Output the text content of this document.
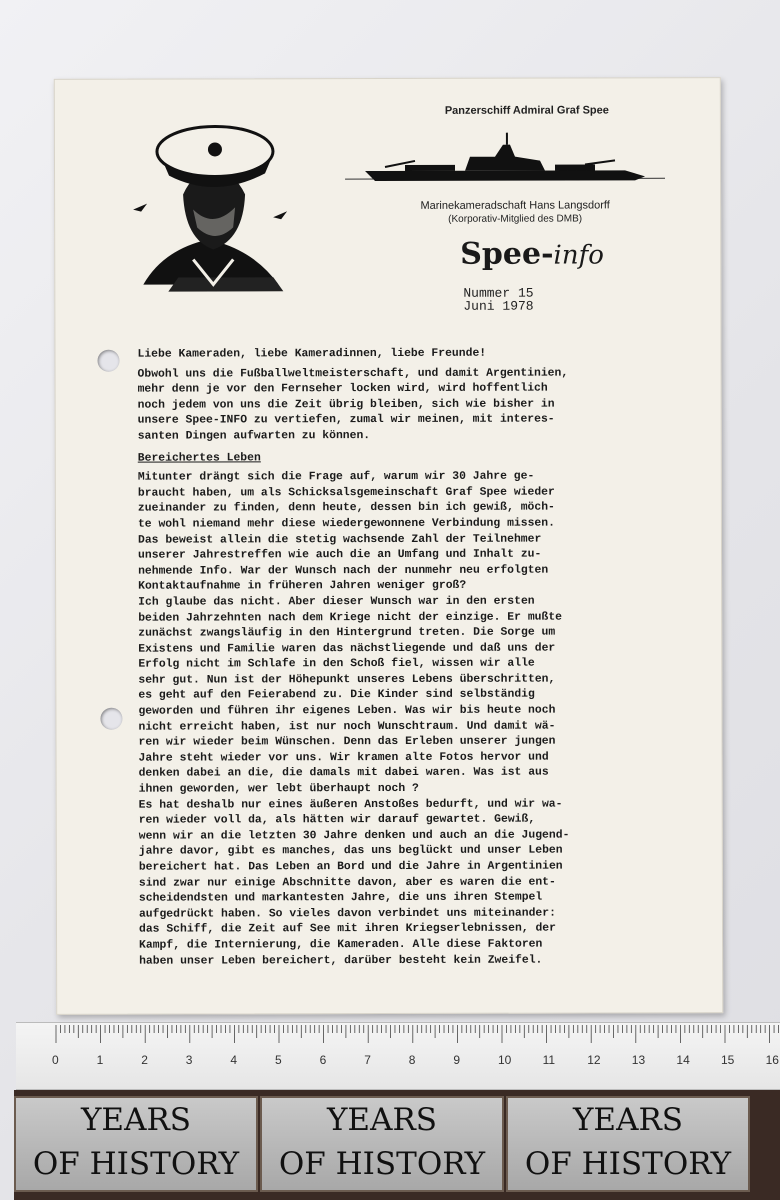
Panzerschiff Admiral Graf Spee
Marinekameradschaft Hans Langsdorff
(Korporativ-Mitglied des DMB)
Spee-info
Nummer 15
Juni 1978

Liebe Kameraden, liebe Kameradinnen, liebe Freunde!

Obwohl uns die Fußballweltmeisterschaft, und damit Argentinien,

mehr denn je vor den Fernseher locken wird, wird hoffentlich

noch jedem von uns die Zeit übrig bleiben, sich wie bisher in

unsere Spee-INFO zu vertiefen, zumal wir meinen, mit interes-

santen Dingen aufwarten zu können.

Bereichertes Leben

Mitunter drängt sich die Frage auf, warum wir 30 Jahre ge-

braucht haben, um als Schicksalsgemeinschaft Graf Spee wieder

zueinander zu finden, denn heute, dessen bin ich gewiß, möch-

te wohl niemand mehr diese wiedergewonnene Verbindung missen.

Das beweist allein die stetig wachsende Zahl der Teilnehmer

unserer Jahrestreffen wie auch die an Umfang und Inhalt zu-

nehmende Info. War der Wunsch nach der nunmehr neu erfolgten

Kontaktaufnahme in früheren Jahren weniger groß?

Ich glaube das nicht. Aber dieser Wunsch war in den ersten

beiden Jahrzehnten nach dem Kriege nicht der einzige. Er mußte

zunächst zwangsläufig in den Hintergrund treten. Die Sorge um

Existens und Familie waren das nächstliegende und daß uns der

Erfolg nicht im Schlafe in den Schoß fiel, wissen wir alle

sehr gut. Nun ist der Höhepunkt unseres Lebens überschritten,

es geht auf den Feierabend zu. Die Kinder sind selbständig

geworden und führen ihr eigenes Leben. Was wir bis heute noch

nicht erreicht haben, ist nur noch Wunschtraum. Und damit wä-

ren wir wieder beim Wünschen. Denn das Erleben unserer jungen

Jahre steht wieder vor uns. Wir kramen alte Fotos hervor und

denken dabei an die, die damals mit dabei waren. Was ist aus

ihnen geworden, wer lebt überhaupt noch ?

Es hat deshalb nur eines äußeren Anstoßes bedurft, und wir wa-

ren wieder voll da, als hätten wir darauf gewartet. Gewiß,

wenn wir an die letzten 30 Jahre denken und auch an die Jugend-

jahre davor, gibt es manches, das uns beglückt und unser Leben

bereichert hat. Das Leben an Bord und die Jahre in Argentinien

sind zwar nur einige Abschnitte davon, aber es waren die ent-

scheidendsten und markantesten Jahre, die uns ihren Stempel

aufgedrückt haben. So vieles davon verbindet uns miteinander:

das Schiff, die Zeit auf See mit ihren Kriegserlebnissen, der

Kampf, die Internierung, die Kameraden. Alle diese Faktoren

haben unser Leben bereichert, darüber besteht kein Zweifel.

0	1	2	3	4	5	6	7	8	9	10	11	12	13	14	15	16
YEARS
OF HISTORY
YEARS
OF HISTORY
YEARS
OF HISTORY
